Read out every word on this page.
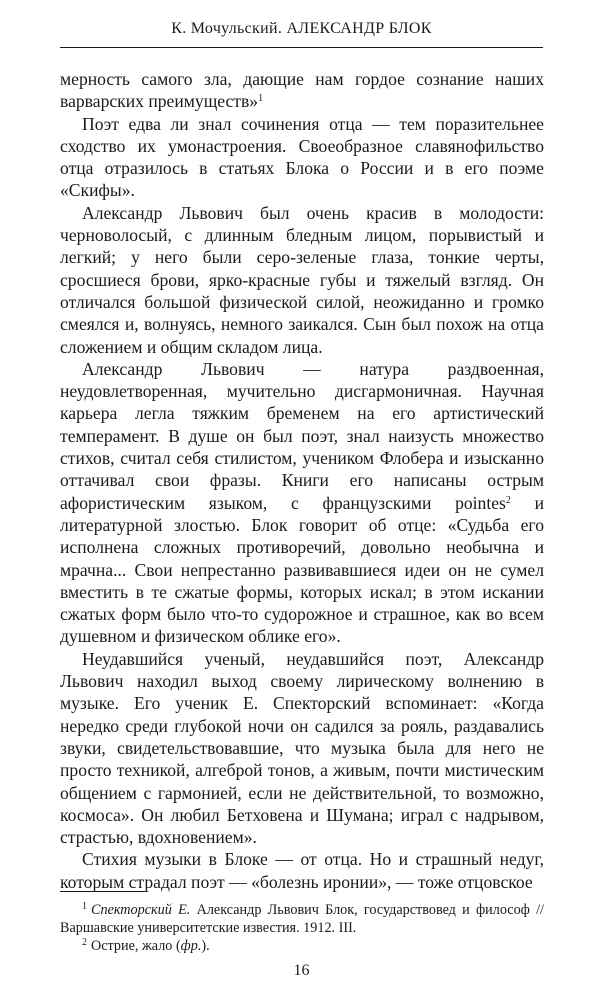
К. Мочульский. АЛЕКСАНДР БЛОК

мерность самого зла, дающие нам гордое сознание наших варварских преимуществ»$^1$

Поэт едва ли знал сочинения отца — тем поразительнее сходство их умонастроения. Своеобразное славянофильство отца отразилось в статьях Блока о России и в его поэме «Скифы».

Александр Львович был очень красив в молодости: черноволосый, с длинным бледным лицом, порывистый и легкий; у него были серо-зеленые глаза, тонкие черты, сросшиеся брови, ярко-красные губы и тяжелый взгляд. Он отличался большой физической силой, неожиданно и громко смеялся и, волнуясь, немного заикался. Сын был похож на отца сложением и общим складом лица.

Александр Львович — натура раздвоенная, неудовлетворенная, мучительно дисгармоничная. Научная карьера легла тяжким бременем на его артистический темперамент. В душе он был поэт, знал наизусть множество стихов, считал себя стилистом, учеником Флобера и изысканно оттачивал свои фразы. Книги его написаны острым афористическим языком, с французскими pointes$^2$ и литературной злостью. Блок говорит об отце: «Судьба его исполнена сложных противоречий, довольно необычна и мрачна... Свои непрестанно развивавшиеся идеи он не сумел вместить в те сжатые формы, которых искал; в этом искании сжатых форм было что-то судорожное и страшное, как во всем душевном и физическом облике его».

Неудавшийся ученый, неудавшийся поэт, Александр Львович находил выход своему лирическому волнению в музыке. Его ученик Е. Спекторский вспоминает: «Когда нередко среди глубокой ночи он садился за рояль, раздавались звуки, свидетельствовавшие, что музыка была для него не просто техникой, алгеброй тонов, а живым, почти мистическим общением с гармонией, если не действительной, то возможно, космоса». Он любил Бетховена и Шумана; играл с надрывом, страстью, вдохновением».

Стихия музыки в Блоке — от отца. Но и страшный недуг, которым страдал поэт — «болезнь иронии», — тоже отцовское

$^1$ Спекторский Е. Александр Львович Блок, государствовед и философ // Варшавские университетские известия. 1912. III.

$^2$ Острие, жало (фр.).

16
